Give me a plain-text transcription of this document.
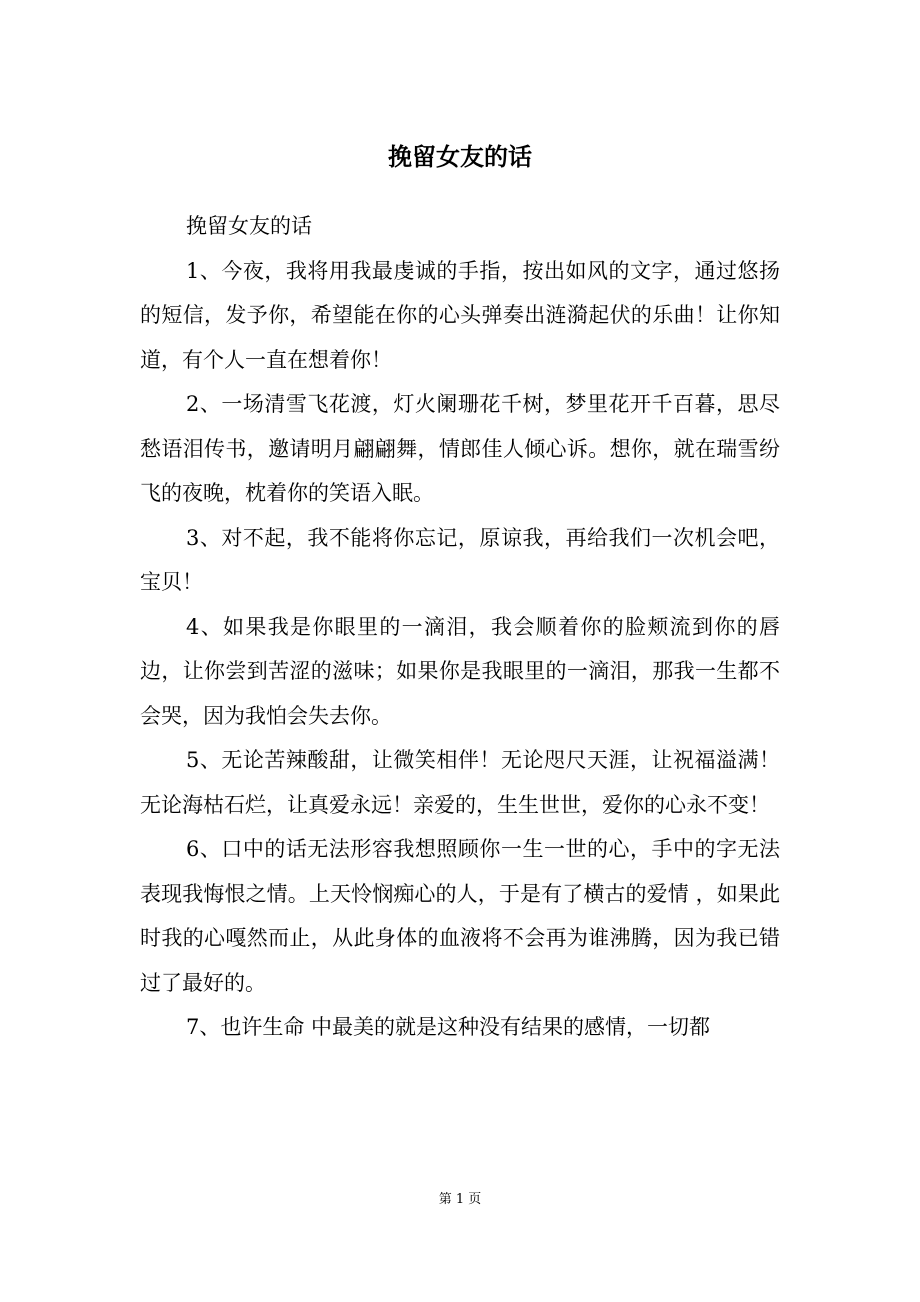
挽留女友的话

挽留女友的话

1、今夜，我将用我最虔诚的手指，按出如风的文字，通过悠扬的短信，发予你，希望能在你的心头弹奏出涟漪起伏的乐曲！让你知道，有个人一直在想着你！

2、一场清雪飞花渡，灯火阑珊花千树，梦里花开千百暮，思尽愁语泪传书，邀请明月翩翩舞，情郎佳人倾心诉。想你，就在瑞雪纷飞的夜晚，枕着你的笑语入眠。

3、对不起，我不能将你忘记，原谅我，再给我们一次机会吧，宝贝！

4、如果我是你眼里的一滴泪，我会顺着你的脸颊流到你的唇边，让你尝到苦涩的滋味；如果你是我眼里的一滴泪，那我一生都不会哭，因为我怕会失去你。

5、无论苦辣酸甜，让微笑相伴！无论咫尺天涯，让祝福溢满！无论海枯石烂，让真爱永远！亲爱的，生生世世，爱你的心永不变！

6、口中的话无法形容我想照顾你一生一世的心，手中的字无法表现我悔恨之情。上天怜悯痴心的人，于是有了横古的爱情 ，如果此时我的心嘎然而止，从此身体的血液将不会再为谁沸腾，因为我已错过了最好的。

7、也许生命 中最美的就是这种没有结果的感情，一切都

第 1 页
